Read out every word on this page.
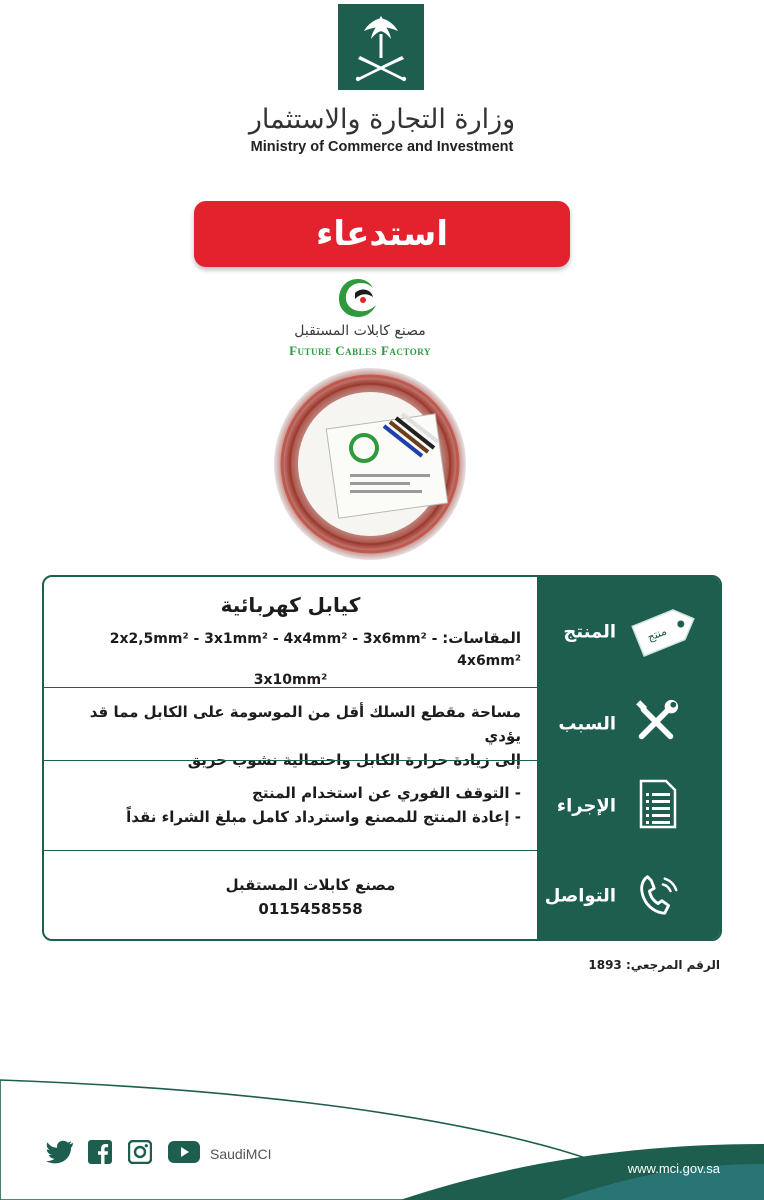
وزارة التجارة والاستثمار
Ministry of Commerce and Investment
استدعاء
مصنع كابلات المستقبل
Future Cables Factory
منتج
المنتج
كيابل كهربائية
المقاسات: 2x2,5mm² - 3x1mm² - 4x4mm² - 3x6mm² - 4x6mm²
3x10mm²
السبب
مساحة مقطع السلك أقل من الموسومة على الكابل مما قد يؤدي
إلى زيادة حرارة الكابل واحتمالية نشوب حريق
الإجراء
- التوقف الفوري عن استخدام المنتج
- إعادة المنتج للمصنع واسترداد كامل مبلغ الشراء نقداً
التواصل
مصنع كابلات المستقبل
0115458558
الرقم المرجعي: 1893
SaudiMCI
www.mci.gov.sa
